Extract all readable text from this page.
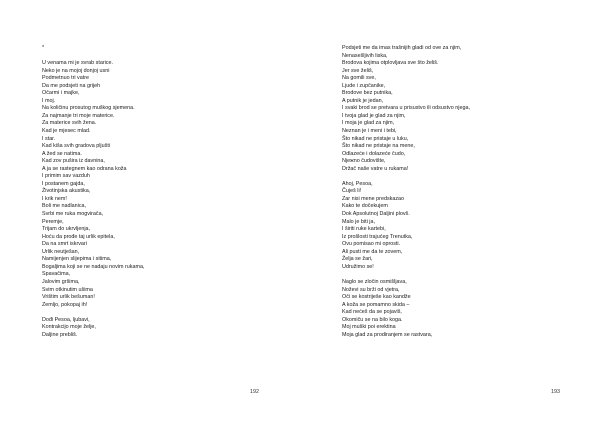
*
U venama mi je svrab starice.
Neko je na mojoj donjoj usni
Podmetnuo tri vatre
Da me podsjeti na grijeh
Očarmi i majke,
I moj.
Na količinu prosutog muškog sjemena.
Za najmanje tri moje materice.
Za materice svih žena.
Kad je mjesec mlad.
I star.
Kad kiša svih gradova pljušti
A žed se natima.
Kad zov puširа iz davnina,
A ja se rastegnem kao odrana koža
I primim sav vazduh
I postanem gajda,
Životinjska akustika,
I krik nem!
Boli me nadlanica,
Svrbi me ruka mogvirača,
Peremje,
Trijam do ukrvljenja,
Hoću da prođe taj urlik epitela,
Da na smrt iskrvari
Urlik neutješan,
Namijenjen slijepima i sitima,
Bogaljima koji se ne nadaju novim rukama,
Spavačima,
Jalovim gršima,
Svim otkinutim ušima
Vrištim urlik bešuman!
Zemljo, pokopaj ih!
Dođi Pesoa, ljubavi,
Kontrakcijo moje želje,
Daljine prebliš.
192
Podsjeti me da imas trašnijih gladi od ove za njim,
Nenasešljivih liska,
Brodova kojima otplovljava sve što želiš.
Jer sve želiš,
Na gomili sve,
Ljude i zupčanike,
Brodove bez putnika,
A putnik je jedan,
I svaki brod se pretvara u prisustvo ili odsustvo njega,
I tvoja glad je glad za njim,
I moja je glad za njim,
Neznan je i meni i tebi,
Što nikad ne pristaje u luku,
Što nikad ne pristaje na mene,
Odlazeće i dolazeće čudo,
Njeжno čudovište,
Držač naše vatre u rukama!
Ahoj, Pesoa,
Čuješ li!
Zar nisi mene predskazao
Kako te dočekujem
Dok Apsolutnoj Daljini plovš.
Malo je biti ja,
I širiti ruke kartebi,
Iz prošlosti trajućeg Trenutka,
Ovu pomisao mi oprosti.
Ali pusti me da te zovem,
Želja se žari,
Udružimo se!
Naglo se zločin osmišljava,
Noževi su brži od vjetra,
Oči se kostriješe kao kandže
A koža se pomamno skida –
Kad nećeš da se pojaviš,
Okomiču se na bilo koga.
Moj muški poi erektina
Moja glad za prodiranjem se rastvara,
193
